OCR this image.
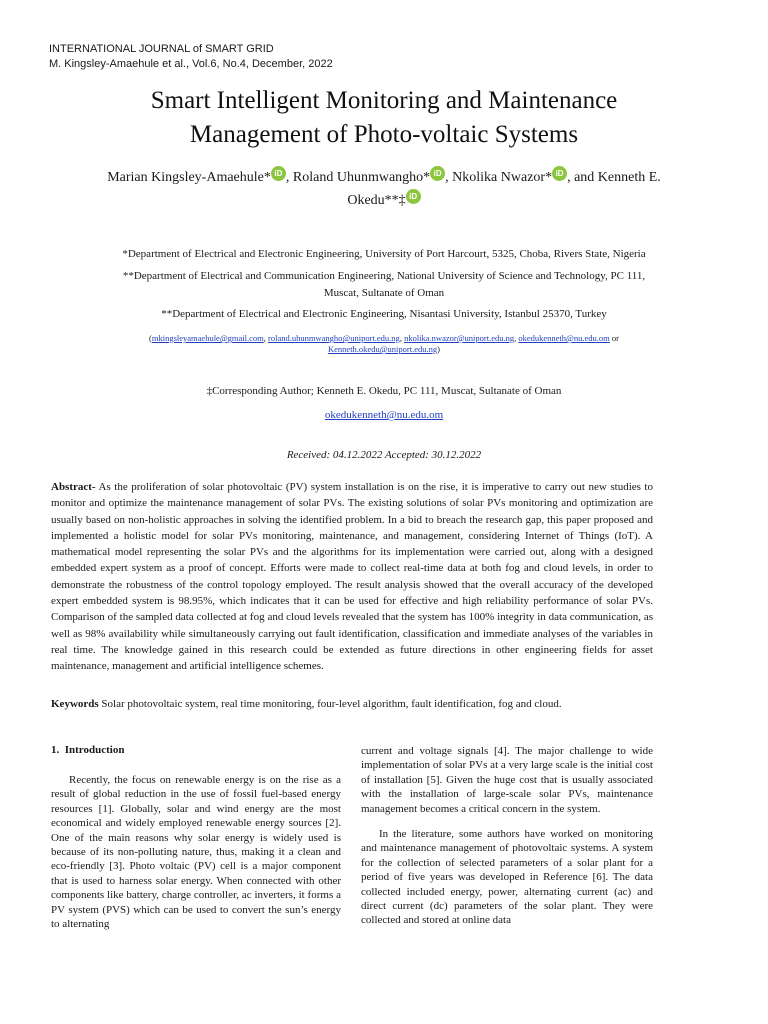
INTERNATIONAL JOURNAL of SMART GRID
M. Kingsley-Amaehule et al., Vol.6, No.4, December, 2022
Smart Intelligent Monitoring and Maintenance
Management of Photo-voltaic Systems
Marian Kingsley-Amaehule* iD , Roland Uhunmwangho* iD , Nkolika Nwazor* iD , and Kenneth E.
Okedu**‡ iD
*Department of Electrical and Electronic Engineering, University of Port Harcourt, 5325, Choba, Rivers State, Nigeria
**Department of Electrical and Communication Engineering, National University of Science and Technology, PC 111,
Muscat, Sultanate of Oman
**Department of Electrical and Electronic Engineering, Nisantasi University, Istanbul 25370, Turkey
(mkingsleyamaehule@gmail.com, roland.uhunmwangho@uniport.edu.ng, nkolika.nwazor@uniport.edu.ng, okedukenneth@nu.edu.om or
Kenneth.okedu@uniport.edu.ng)
‡Corresponding Author; Kenneth E. Okedu, PC 111, Muscat, Sultanate of Oman
okedukenneth@nu.edu.om
Received: 04.12.2022 Accepted: 30.12.2022
Abstract- As the proliferation of solar photovoltaic (PV) system installation is on the rise, it is imperative to carry out new studies to monitor and optimize the maintenance management of solar PVs. The existing solutions of solar PVs monitoring and optimization are usually based on non-holistic approaches in solving the identified problem. In a bid to breach the research gap, this paper proposed and implemented a holistic model for solar PVs monitoring, maintenance, and management, considering Internet of Things (IoT). A mathematical model representing the solar PVs and the algorithms for its implementation were carried out, along with a designed embedded expert system as a proof of concept. Efforts were made to collect real-time data at both fog and cloud levels, in order to demonstrate the robustness of the control topology employed. The result analysis showed that the overall accuracy of the developed expert embedded system is 98.95%, which indicates that it can be used for effective and high reliability performance of solar PVs. Comparison of the sampled data collected at fog and cloud levels revealed that the system has 100% integrity in data communication, as well as 98% availability while simultaneously carrying out fault identification, classification and immediate analyses of the variables in real time. The knowledge gained in this research could be extended as future directions in other engineering fields for asset maintenance, management and artificial intelligence schemes.
Keywords Solar photovoltaic system, real time monitoring, four-level algorithm, fault identification, fog and cloud.
1.  Introduction

Recently, the focus on renewable energy is on the rise as a result of global reduction in the use of fossil fuel-based energy resources [1]. Globally, solar and wind energy are the most economical and widely employed renewable energy sources [2]. One of the main reasons why solar energy is widely used is because of its non-polluting nature, thus, making it a clean and eco-friendly [3]. Photo voltaic (PV) cell is a major component that is used to harness solar energy. When connected with other components like battery, charge controller, ac inverters, it forms a PV system (PVS) which can be used to convert the sun’s energy to alternating

current and voltage signals [4]. The major challenge to wide implementation of solar PVs at a very large scale is the initial cost of installation [5]. Given the huge cost that is usually associated with the installation of large-scale solar PVs, maintenance management becomes a critical concern in the system.

In the literature, some authors have worked on monitoring and maintenance management of photovoltaic systems. A system for the collection of selected parameters of a solar plant for a period of five years was developed in Reference [6]. The data collected included energy, power, alternating current (ac) and direct current (dc) parameters of the solar plant. They were collected and stored at online data
